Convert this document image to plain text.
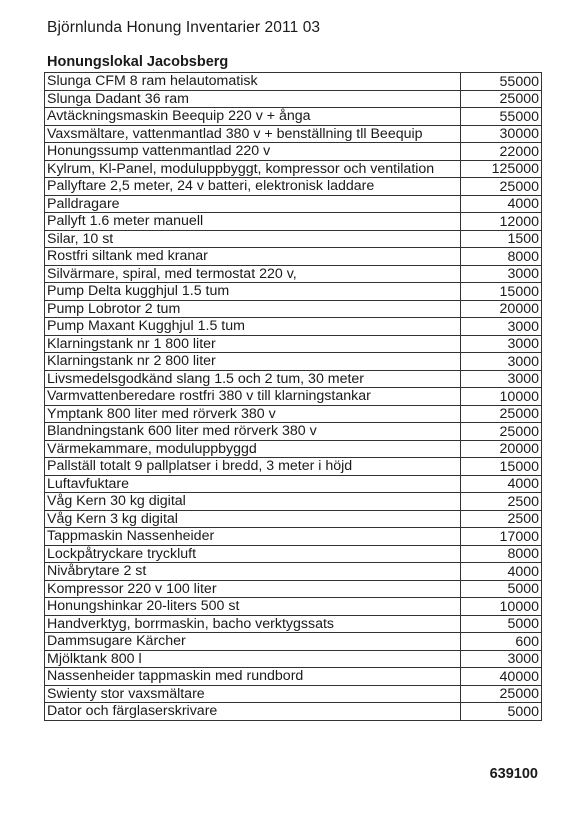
Björnlunda Honung Inventarier 2011 03
Honungslokal Jacobsberg
Slunga CFM 8 ram helautomatisk	55000
Slunga Dadant 36 ram	25000
Avtäckningsmaskin Beequip 220 v + ånga	55000
Vaxsmältare, vattenmantlad 380 v + benställning tll Beequip	30000
Honungssump vattenmantlad 220 v	22000
Kylrum, Kl-Panel, moduluppbyggt, kompressor och ventilation	125000
Pallyftare 2,5 meter, 24 v batteri, elektronisk laddare	25000
Palldragare	4000
Pallyft 1.6 meter manuell	12000
Silar, 10 st	1500
Rostfri siltank med kranar	8000
Silvärmare, spiral, med termostat 220 v,	3000
Pump Delta kugghjul 1.5 tum	15000
Pump Lobrotor 2 tum	20000
Pump Maxant Kugghjul 1.5 tum	3000
Klarningstank nr 1 800 liter	3000
Klarningstank nr 2 800 liter	3000
Livsmedelsgodkänd slang 1.5 och 2 tum, 30 meter	3000
Varmvattenberedare rostfri 380 v till klarningstankar	10000
Ymptank 800 liter med rörverk 380 v	25000
Blandningstank 600 liter med rörverk 380 v	25000
Värmekammare, moduluppbyggd	20000
Pallställ totalt 9 pallplatser i bredd, 3 meter i höjd	15000
Luftavfuktare	4000
Våg Kern 30 kg digital	2500
Våg Kern 3 kg digital	2500
Tappmaskin Nassenheider	17000
Lockpåtryckare tryckluft	8000
Nivåbrytare 2 st	4000
Kompressor 220 v 100 liter	5000
Honungshinkar 20-liters 500 st	10000
Handverktyg, borrmaskin, bacho verktygssats	5000
Dammsugare Kärcher	600
Mjölktank 800 l	3000
Nassenheider tappmaskin med rundbord	40000
Swienty stor vaxsmältare	25000
Dator och färglaserskrivare	5000
639100
